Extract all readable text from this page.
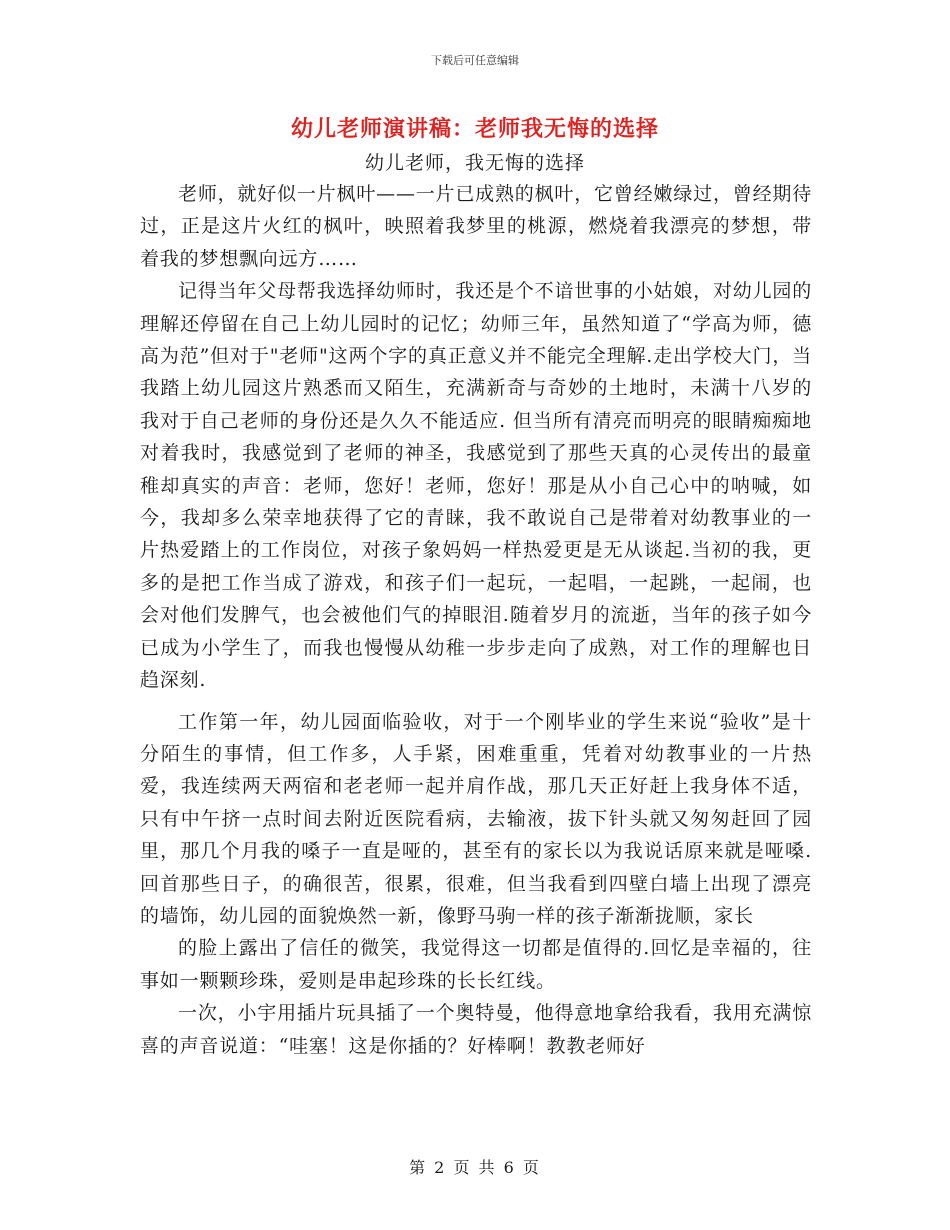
下载后可任意编辑
幼儿老师演讲稿：老师我无悔的选择
幼儿老师，我无悔的选择

老师，就好似一片枫叶——一片已成熟的枫叶，它曾经嫩绿过，曾经期待过，正是这片火红的枫叶，映照着我梦里的桃源，燃烧着我漂亮的梦想，带着我的梦想飘向远方……

记得当年父母帮我选择幼师时，我还是个不谙世事的小姑娘，对幼儿园的理解还停留在自己上幼儿园时的记忆；幼师三年，虽然知道了“学高为师，德高为范”但对于"老师"这两个字的真正意义并不能完全理解.走出学校大门，当我踏上幼儿园这片熟悉而又陌生，充满新奇与奇妙的土地时，未满十八岁的我对于自己老师的身份还是久久不能适应. 但当所有清亮而明亮的眼睛痴痴地对着我时，我感觉到了老师的神圣，我感觉到了那些天真的心灵传出的最童稚却真实的声音：老师，您好！老师，您好！那是从小自己心中的呐喊，如今，我却多么荣幸地获得了它的青睐，我不敢说自己是带着对幼教事业的一片热爱踏上的工作岗位，对孩子象妈妈一样热爱更是无从谈起.当初的我，更多的是把工作当成了游戏，和孩子们一起玩，一起唱，一起跳，一起闹，也会对他们发脾气，也会被他们气的掉眼泪.随着岁月的流逝，当年的孩子如今已成为小学生了，而我也慢慢从幼稚一步步走向了成熟，对工作的理解也日趋深刻.

工作第一年，幼儿园面临验收，对于一个刚毕业的学生来说“验收”是十分陌生的事情，但工作多，人手紧，困难重重，凭着对幼教事业的一片热爱，我连续两天两宿和老老师一起并肩作战，那几天正好赶上我身体不适，只有中午挤一点时间去附近医院看病，去输液，拔下针头就又匆匆赶回了园里，那几个月我的嗓子一直是哑的，甚至有的家长以为我说话原来就是哑嗓.回首那些日子，的确很苦，很累，很难，但当我看到四壁白墙上出现了漂亮的墙饰，幼儿园的面貌焕然一新，像野马驹一样的孩子渐渐拢顺，家长

的脸上露出了信任的微笑，我觉得这一切都是值得的.回忆是幸福的，往事如一颗颗珍珠，爱则是串起珍珠的长长红线。

一次，小宇用插片玩具插了一个奥特曼，他得意地拿给我看，我用充满惊喜的声音说道：“哇塞！这是你插的？好棒啊！教教老师好

第 2 页 共 6 页
